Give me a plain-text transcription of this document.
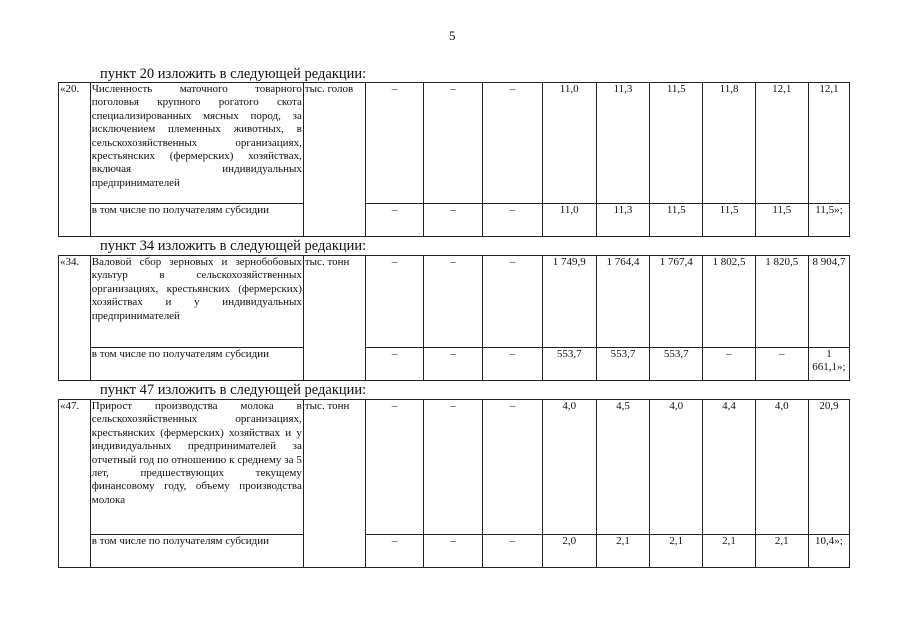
5
пункт 20 изложить в следующей редакции:
«20.	Численность маточного товарного поголовья крупного рогатого скота специализированных мясных пород, за исключением племенных животных, в сельскохозяйственных организациях, крестьянских (фермерских) хозяйствах, включая индивидуальных предпринимателей	тыс. голов	–	–	–	11,0	11,3	11,5	11,8	12,1	12,1
	в том числе по получателям субсидии		–	–	–	11,0	11,3	11,5	11,5	11,5	11,5»;
пункт 34 изложить в следующей редакции:
«34.	Валовой сбор зерновых и зернобобовых культур в сельскохозяйственных организациях, крестьянских (фермерских) хозяйствах и у индивидуальных предпринимателей	тыс. тонн	–	–	–	1 749,9	1 764,4	1 767,4	1 802,5	1 820,5	8 904,7
	в том числе по получателям субсидии		–	–	–	553,7	553,7	553,7	–	–	1 661,1»;
пункт 47 изложить в следующей редакции:
«47.	Прирост производства молока в сельскохозяйственных организациях, крестьянских (фермерских) хозяйствах и у индивидуальных предпринимателей за отчетный год по отношению к среднему за 5 лет, предшествующих текущему финансовому году, объему производства молока	тыс. тонн	–	–	–	4,0	4,5	4,0	4,4	4,0	20,9
	в том числе по получателям субсидии		–	–	–	2,0	2,1	2,1	2,1	2,1	10,4»;
